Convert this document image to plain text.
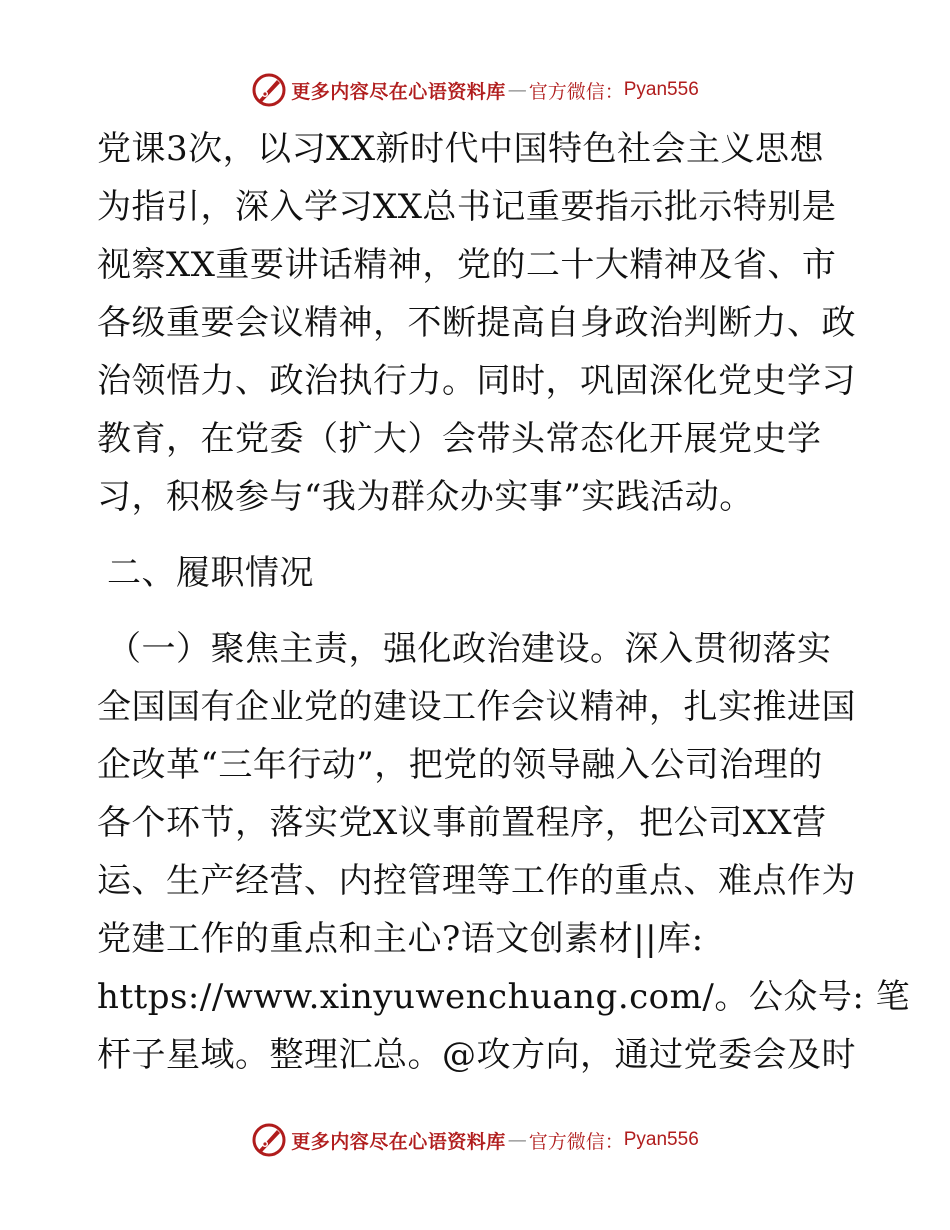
更多内容尽在心语资料库 — 官方微信： Pyan556
党课3次，以习XX新时代中国特色社会主义思想
为指引，深入学习XX总书记重要指示批示特别是
视察XX重要讲话精神，党的二十大精神及省、市
各级重要会议精神，不断提高自身政治判断力、政
治领悟力、政治执行力。同时，巩固深化党史学习
教育，在党委（扩大）会带头常态化开展党史学
习，积极参与“我为群众办实事”实践活动。
二、履职情况
（一）聚焦主责，强化政治建设。深入贯彻落实
全国国有企业党的建设工作会议精神，扎实推进国
企改革“三年行动”，把党的领导融入公司治理的
各个环节，落实党X议事前置程序，把公司XX营
运、生产经营、内控管理等工作的重点、难点作为
党建工作的重点和主心?语文创素材||库:
https://www.xinyuwenchuang.com/。公众号: 笔
杆子星域。整理汇总。@攻方向，通过党委会及时
更多内容尽在心语资料库 — 官方微信： Pyan556
